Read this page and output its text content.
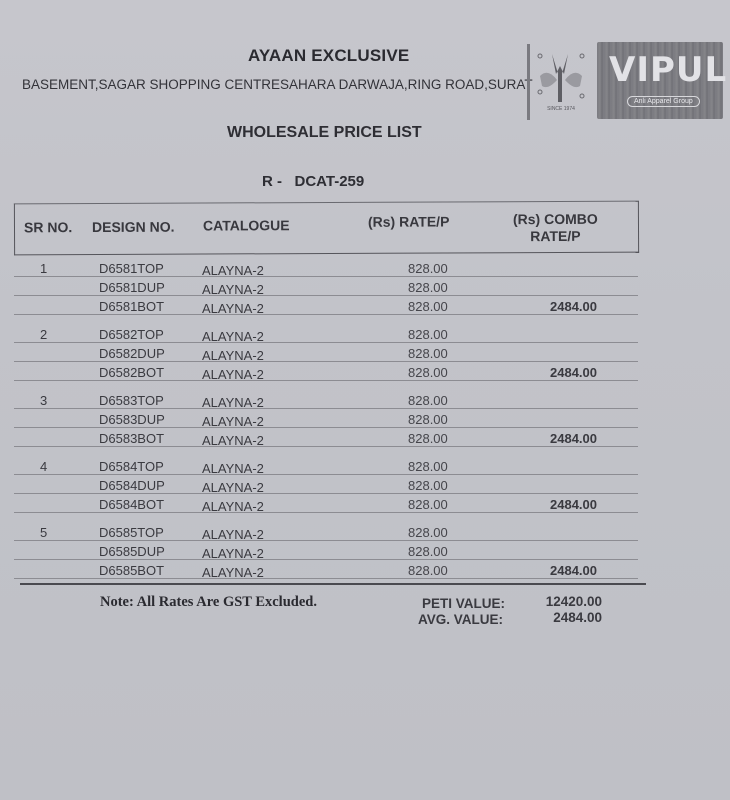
AYAAN EXCLUSIVE
BASEMENT,SAGAR SHOPPING CENTRESAHARA DARWAJA,RING ROAD,SURAT
SINCE 1974
VIPUL
Anli Apparel Group
WHOLESALE PRICE LIST
R -   DCAT-259
SR NO. DESIGN NO. CATALOGUE	(Rs) RATE/P	(Rs) COMBO
RATE/P
1	D6581TOP	ALAYNA-2	828.00
D6581DUP	ALAYNA-2	828.00
D6581BOT	ALAYNA-2	828.00	2484.00
2	D6582TOP	ALAYNA-2	828.00
D6582DUP	ALAYNA-2	828.00
D6582BOT	ALAYNA-2	828.00	2484.00
3	D6583TOP	ALAYNA-2	828.00
D6583DUP	ALAYNA-2	828.00
D6583BOT	ALAYNA-2	828.00	2484.00
4	D6584TOP	ALAYNA-2	828.00
D6584DUP	ALAYNA-2	828.00
D6584BOT	ALAYNA-2	828.00	2484.00
5	D6585TOP	ALAYNA-2	828.00
D6585DUP	ALAYNA-2	828.00
D6585BOT	ALAYNA-2	828.00	2484.00
Note: All Rates Are GST Excluded.	PETI VALUE:	12420.00
AVG. VALUE:	2484.00
